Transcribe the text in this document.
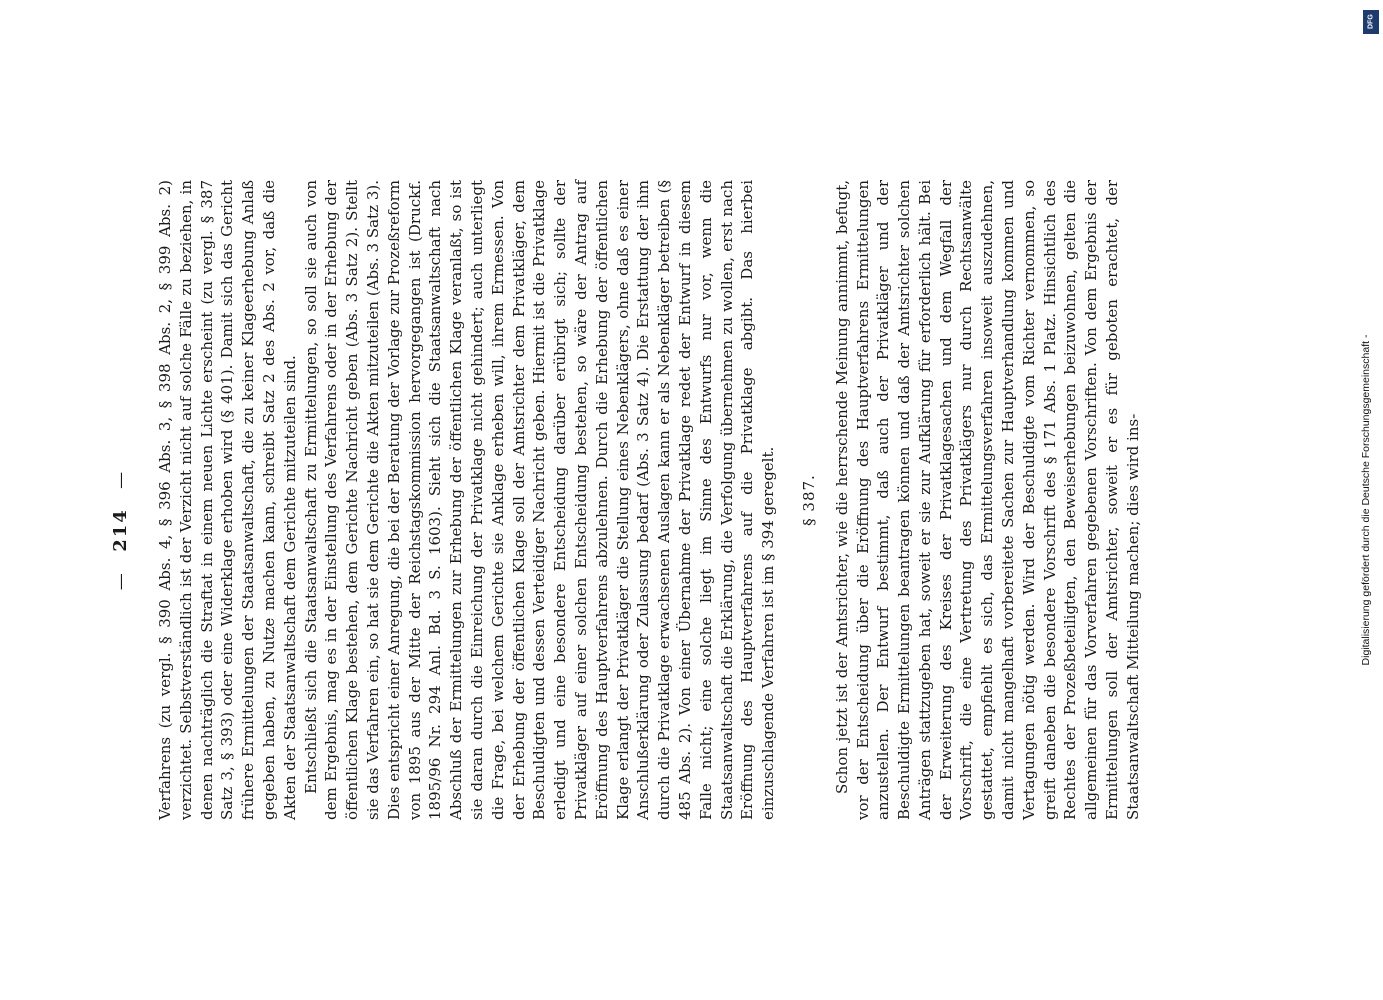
— 214 — Verfahrens (zu vergl. § 390 Abs. 4, § 396 Abs. 3, § 398 Abs. 2, § 399 Abs. 2) verzichtet. Selbstverständlich ist der Verzicht nicht auf solche Fälle zu beziehen, in denen nachträglich die Straftat in einem neuen Lichte erscheint (zu vergl. § 387 Satz 3, § 393) oder eine Widerklage erhoben wird (§ 401). Damit sich das Gericht frühere Ermittelungen der Staatsanwaltschaft, die zu keiner Klageerhebung Anlaß gegeben haben, zu Nutze machen kann, schreibt Satz 2 des Abs. 2 vor, daß die Akten der Staatsanwaltschaft dem Gerichte mitzuteilen sind. Entschließt sich die Staatsanwaltschaft zu Ermittelungen, so soll sie auch von dem Ergebnis, mag es in der Einstellung des Verfahrens oder in der Erhebung der öffentlichen Klage bestehen, dem Gerichte Nachricht geben (Abs. 3 Satz 2). Stellt sie das Verfahren ein, so hat sie dem Gerichte die Akten mitzuteilen (Abs. 3 Satz 3). Dies entspricht einer Anregung, die bei der Beratung der Vorlage zur Prozeßreform von 1895 aus der Mitte der Reichstagskommission hervorgegangen ist (Druckf. 1895/96 Nr. 294 Anl. Bd. 3 S. 1603). Sieht sich die Staatsanwaltschaft nach Abschluß der Ermittelungen zur Erhebung der öffentlichen Klage veranlaßt, so ist sie daran durch die Einreichung der Privatklage nicht gehindert; auch unterliegt die Frage, bei welchem Gerichte sie Anklage erheben will, ihrem Ermessen. Von der Erhebung der öffentlichen Klage soll der Amtsrichter dem Privatkläger, dem Beschuldigten und dessen Verteidiger Nachricht geben. Hiermit ist die Privatklage erledigt und eine besondere Entscheidung darüber erübrigt sich; sollte der Privatkläger auf einer solchen Entscheidung bestehen, so wäre der Antrag auf Eröffnung des Hauptverfahrens abzulehnen. Durch die Erhebung der öffentlichen Klage erlangt der Privatkläger die Stellung eines Nebenklägers, ohne daß es einer Anschlußerklärung oder Zulassung bedarf (Abs. 3 Satz 4). Die Erstattung der ihm durch die Privatklage erwachsenen Auslagen kann er als Nebenkläger betreiben (§ 485 Abs. 2). Von einer Übernahme der Privatklage redet der Entwurf in diesem Falle nicht; eine solche liegt im Sinne des Entwurfs nur vor, wenn die Staatsanwaltschaft die Erklärung, die Verfolgung übernehmen zu wollen, erst nach Eröffnung des Hauptverfahrens auf die Privatklage abgibt. Das hierbei einzuschlagende Verfahren ist im § 394 geregelt. § 387. Schon jetzt ist der Amtsrichter, wie die herrschende Meinung annimmt, befugt, vor der Entscheidung über die Eröffnung des Hauptverfahrens Ermittelungen anzustellen. Der Entwurf bestimmt, daß auch der Privatkläger und der Beschuldigte Ermittelungen beantragen können und daß der Amtsrichter solchen Anträgen stattzugeben hat, soweit er sie zur Aufklärung für erforderlich hält. Bei der Erweiterung des Kreises der Privatklagesachen und dem Wegfall der Vorschrift, die eine Vertretung des Privatklägers nur durch Rechtsanwälte gestattet, empfiehlt es sich, das Ermittelungsverfahren insoweit auszudehnen, damit nicht mangelhaft vorbereitete Sachen zur Hauptverhandlung kommen und Vertagungen nötig werden. Wird der Beschuldigte vom Richter vernommen, so greift daneben die besondere Vorschrift des § 171 Abs. 1 Platz. Hinsichtlich des Rechtes der Prozeßbeteiligten, den Beweiserhebungen beizuwohnen, gelten die allgemeinen für das Vorverfahren gegebenen Vorschriften. Von dem Ergebnis der Ermittelungen soll der Amtsrichter, soweit er es für geboten erachtet, der Staatsanwaltschaft Mitteilung machen; dies wird ins-	Digitalisierung gefördert durch die Deutsche Forschungsgemeinschaft -
DFG
